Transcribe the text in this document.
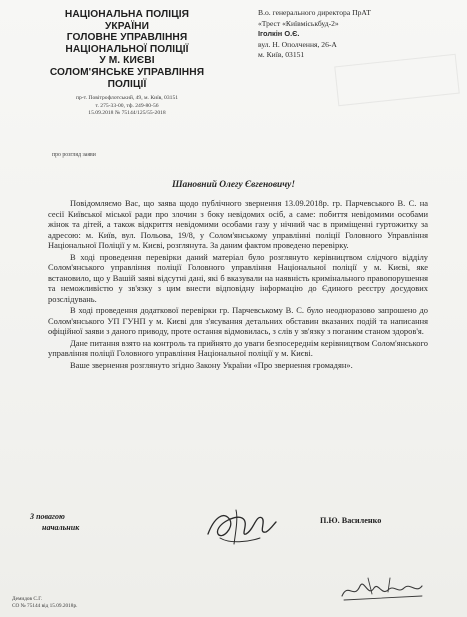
НАЦІОНАЛЬНА ПОЛІЦІЯ
УКРАЇНИ
ГОЛОВНЕ УПРАВЛІННЯ
НАЦІОНАЛЬНОЇ ПОЛІЦІЇ
У М. КИЄВІ
СОЛОМ'ЯНСЬКЕ УПРАВЛІННЯ
ПОЛІЦІЇ
пр-т. Повітрофлотський, 49, м. Київ, 03151
т. 275-33-00, тф. 249-80-56
15.09.2018 № 75144/125/55-2018
В.о. генерального директора ПрАТ
«Трест «Київміськбуд-2»
Іголкін О.Є.
вул. Н. Ополчення, 26-А
м. Київ, 03151
про розгляд заяви
Шановний Олегу Євгеновичу!

Повідомляємо Вас, що заява щодо публічного звернення 13.09.2018р. гр. Парчевського В. С. на сесії Київської міської ради про злочин з боку невідомих осіб, а саме: побиття невідомими особами жінок та дітей, а також відкриття невідомими особами газу у нічний час в приміщенні гуртожитку за адресою: м. Київ, вул. Польова, 19/8, у Солом'янському управлінні поліції Головного Управління Національної Поліції у м. Києві, розглянута. За даним фактом проведено перевірку.

В ході проведення перевірки даний матеріал було розглянуто керівництвом слідчого відділу Солом'янського управління поліції Головного управління Національної поліції у м. Києві, яке встановило, що у Вашій заяві відсутні дані, які б вказували на наявність кримінального правопорушення та неможливістю у зв'язку з цим внести відповідну інформацію до Єдиного реєстру досудових розслідувань.

В ході проведення додаткової перевірки гр. Парчевському В. С. було неодноразово запрошено до Солом'янського УП ГУНП у м. Києві для з'ясування детальних обставин вказаних подій та написання офіційної заяви з даного приводу, проте остання відмовилась, з слів у зв'язку з поганим станом здоров'я.

Дане питання взято на контроль та прийнято до уваги безпосереднім керівництвом Солом'янського управління поліції Головного управління Національної поліції у м. Києві.

Ваше звернення розглянуто згідно Закону України «Про звернення громадян».

З повагою
начальник
П.Ю. Василенко
Демидов С.Г.
СО № 75144 від 15.09.2018р.
